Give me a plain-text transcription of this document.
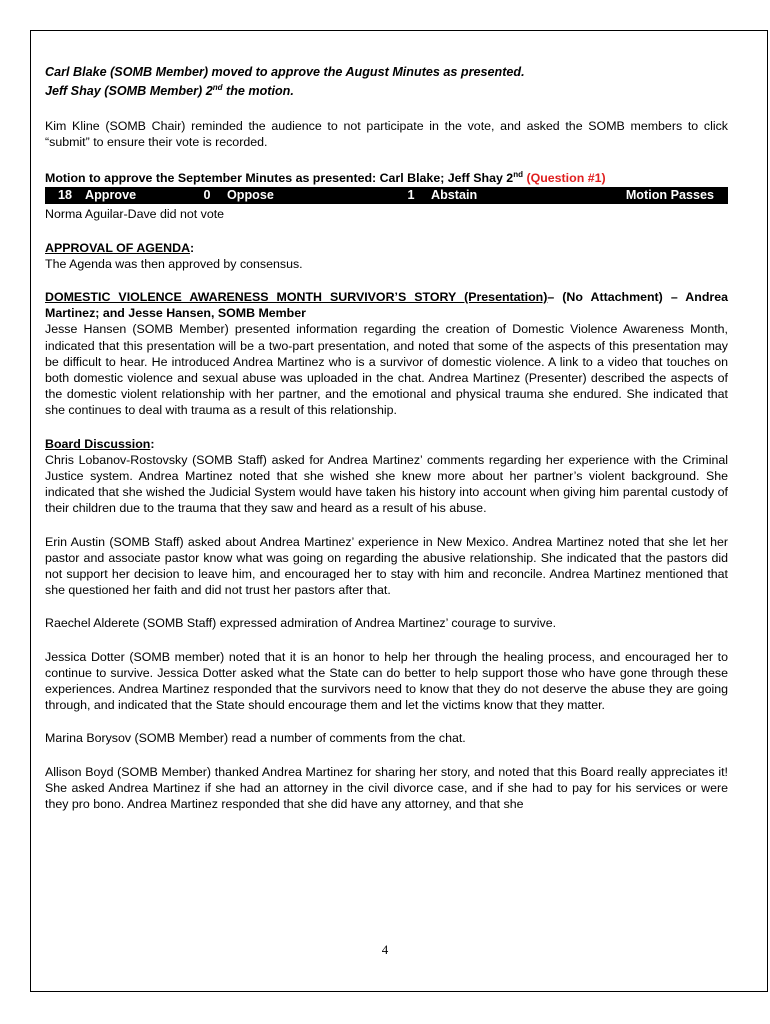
Carl Blake (SOMB Member) moved to approve the August Minutes as presented.
Jeff Shay (SOMB Member) 2nd the motion.

Kim Kline (SOMB Chair) reminded the audience to not participate in the vote, and asked the SOMB members to click “submit” to ensure their vote is recorded.

Motion to approve the September Minutes as presented: Carl Blake; Jeff Shay 2nd (Question #1)

18	Approve	0	Oppose	1	Abstain	Motion Passes

Norma Aguilar-Dave did not vote

APPROVAL OF AGENDA:

The Agenda was then approved by consensus.

DOMESTIC VIOLENCE AWARENESS MONTH SURVIVOR’S STORY (Presentation)– (No Attachment) – Andrea Martinez; and Jesse Hansen, SOMB Member

Jesse Hansen (SOMB Member) presented information regarding the creation of Domestic Violence Awareness Month, indicated that this presentation will be a two-part presentation, and noted that some of the aspects of this presentation may be difficult to hear. He introduced Andrea Martinez who is a survivor of domestic violence. A link to a video that touches on both domestic violence and sexual abuse was uploaded in the chat. Andrea Martinez (Presenter) described the aspects of the domestic violent relationship with her partner, and the emotional and physical trauma she endured. She indicated that she continues to deal with trauma as a result of this relationship.

Board Discussion:

Chris Lobanov-Rostovsky (SOMB Staff) asked for Andrea Martinez’ comments regarding her experience with the Criminal Justice system. Andrea Martinez noted that she wished she knew more about her partner’s violent background. She indicated that she wished the Judicial System would have taken his history into account when giving him parental custody of their children due to the trauma that they saw and heard as a result of his abuse.

Erin Austin (SOMB Staff) asked about Andrea Martinez’ experience in New Mexico. Andrea Martinez noted that she let her pastor and associate pastor know what was going on regarding the abusive relationship. She indicated that the pastors did not support her decision to leave him, and encouraged her to stay with him and reconcile. Andrea Martinez mentioned that she questioned her faith and did not trust her pastors after that.

Raechel Alderete (SOMB Staff) expressed admiration of Andrea Martinez’ courage to survive.

Jessica Dotter (SOMB member) noted that it is an honor to help her through the healing process, and encouraged her to continue to survive. Jessica Dotter asked what the State can do better to help support those who have gone through these experiences. Andrea Martinez responded that the survivors need to know that they do not deserve the abuse they are going through, and indicated that the State should encourage them and let the victims know that they matter.

Marina Borysov (SOMB Member) read a number of comments from the chat.

Allison Boyd (SOMB Member) thanked Andrea Martinez for sharing her story, and noted that this Board really appreciates it! She asked Andrea Martinez if she had an attorney in the civil divorce case, and if she had to pay for his services or were they pro bono. Andrea Martinez responded that she did have any attorney, and that she

4
